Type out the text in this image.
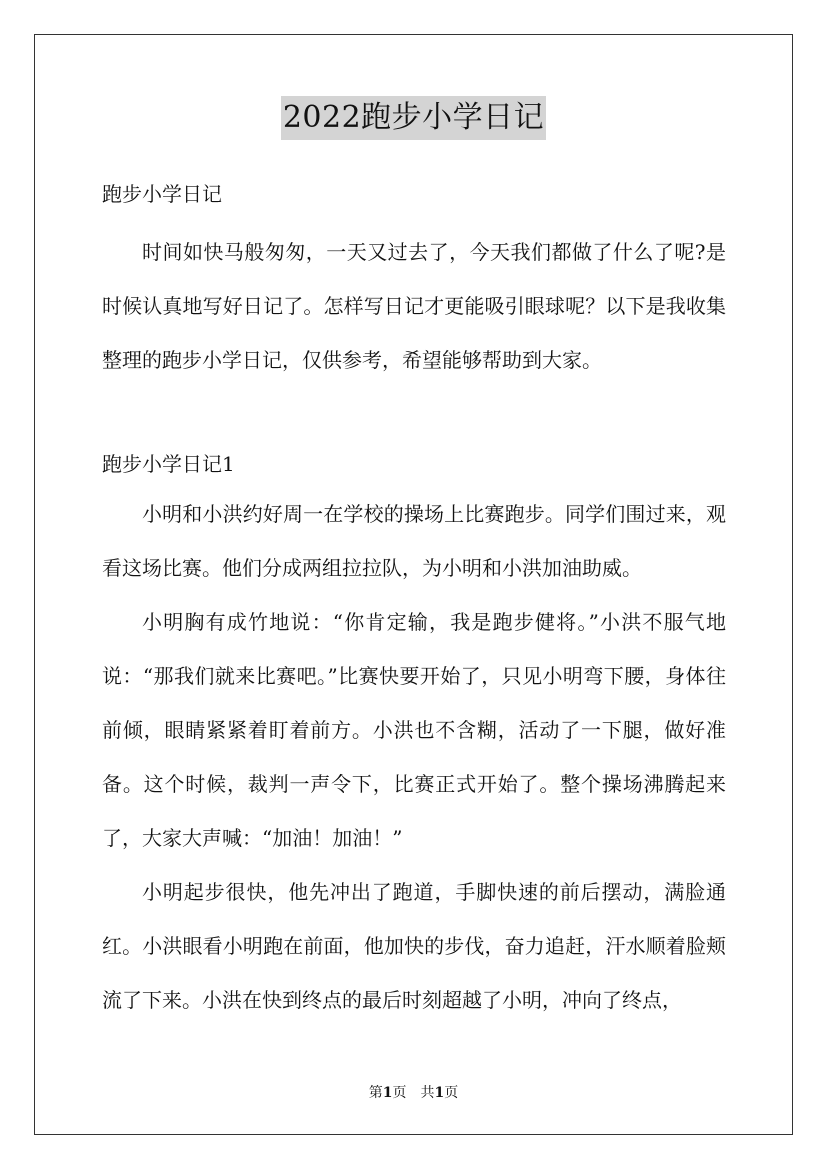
2022跑步小学日记

跑步小学日记

时间如快马般匆匆，一天又过去了，今天我们都做了什么了呢?是时候认真地写好日记了。怎样写日记才更能吸引眼球呢？以下是我收集整理的跑步小学日记，仅供参考，希望能够帮助到大家。

跑步小学日记1

小明和小洪约好周一在学校的操场上比赛跑步。同学们围过来，观看这场比赛。他们分成两组拉拉队，为小明和小洪加油助威。

小明胸有成竹地说：“你肯定输，我是跑步健将。”小洪不服气地说：“那我们就来比赛吧。”比赛快要开始了，只见小明弯下腰，身体往前倾，眼睛紧紧着盯着前方。小洪也不含糊，活动了一下腿，做好准备。这个时候，裁判一声令下，比赛正式开始了。整个操场沸腾起来了，大家大声喊：“加油！加油！”

小明起步很快，他先冲出了跑道，手脚快速的前后摆动，满脸通红。小洪眼看小明跑在前面，他加快的步伐，奋力追赶，汗水顺着脸颊流了下来。小洪在快到终点的最后时刻超越了小明，冲向了终点，

第1页　共1页
